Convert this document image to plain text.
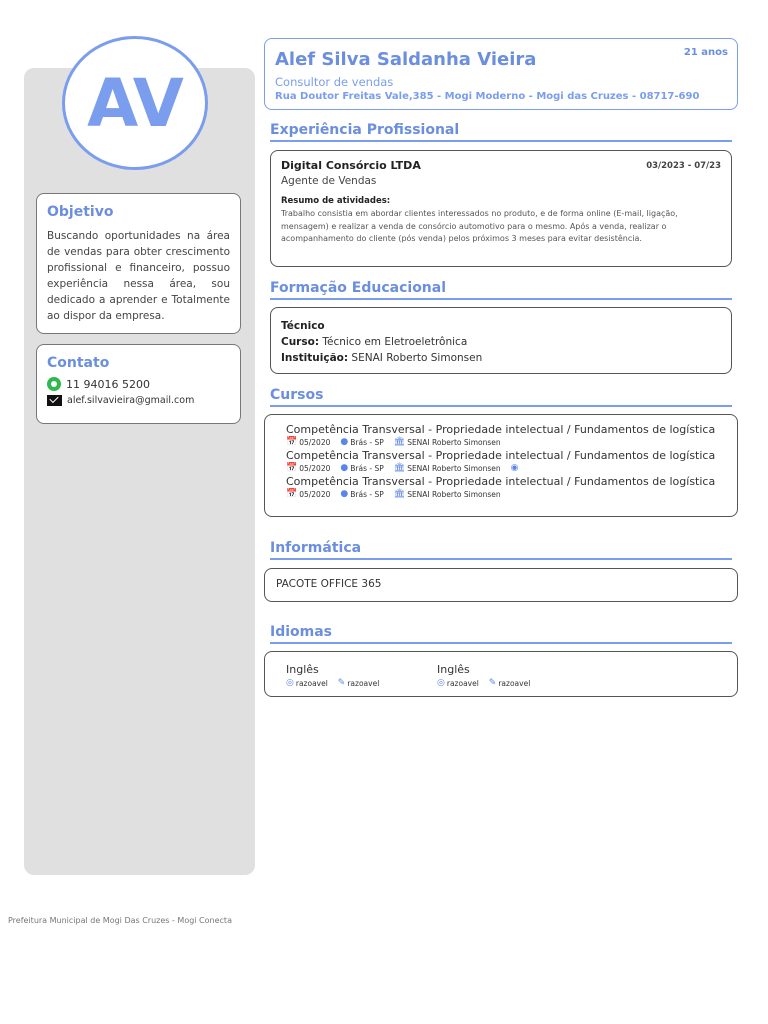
AV
Objetivo

Buscando oportunidades na área de vendas para obter crescimento profissional e financeiro, possuo experiência nessa área, sou dedicado a aprender e Totalmente ao dispor da empresa.

Contato
11 94016 5200
alef.silvavieira@gmail.com
Alef Silva Saldanha Vieira	21 anos
Consultor de vendas
Rua Doutor Freitas Vale,385 - Mogi Moderno - Mogi das Cruzes - 08717-690
Experiência Profissional
Digital Consórcio LTDA	03/2023 - 07/23
Agente de Vendas
Resumo de atividades:
Trabalho consistia em abordar clientes interessados no produto, e de forma online (E-mail, ligação, mensagem) e realizar a venda de consórcio automotivo para o mesmo. Após a venda, realizar o acompanhamento do cliente (pós venda) pelos próximos 3 meses para evitar desistência.
Formação Educacional
Técnico
Curso: Técnico em Eletroeletrônica
Instituição: SENAI Roberto Simonsen
Cursos
Competência Transversal - Propriedade intelectual / Fundamentos de logística
📅 05/2020 ● Brás - SP 🏛 SENAI Roberto Simonsen
Competência Transversal - Propriedade intelectual / Fundamentos de logística
📅 05/2020 ● Brás - SP 🏛 SENAI Roberto Simonsen ◉
Competência Transversal - Propriedade intelectual / Fundamentos de logística
📅 05/2020 ● Brás - SP 🏛 SENAI Roberto Simonsen
Informática
PACOTE OFFICE 365
Idiomas
Inglês
◎ razoavel ✎ razoavel
Inglês
◎ razoavel ✎ razoavel
Prefeitura Municipal de Mogi Das Cruzes - Mogi Conecta
